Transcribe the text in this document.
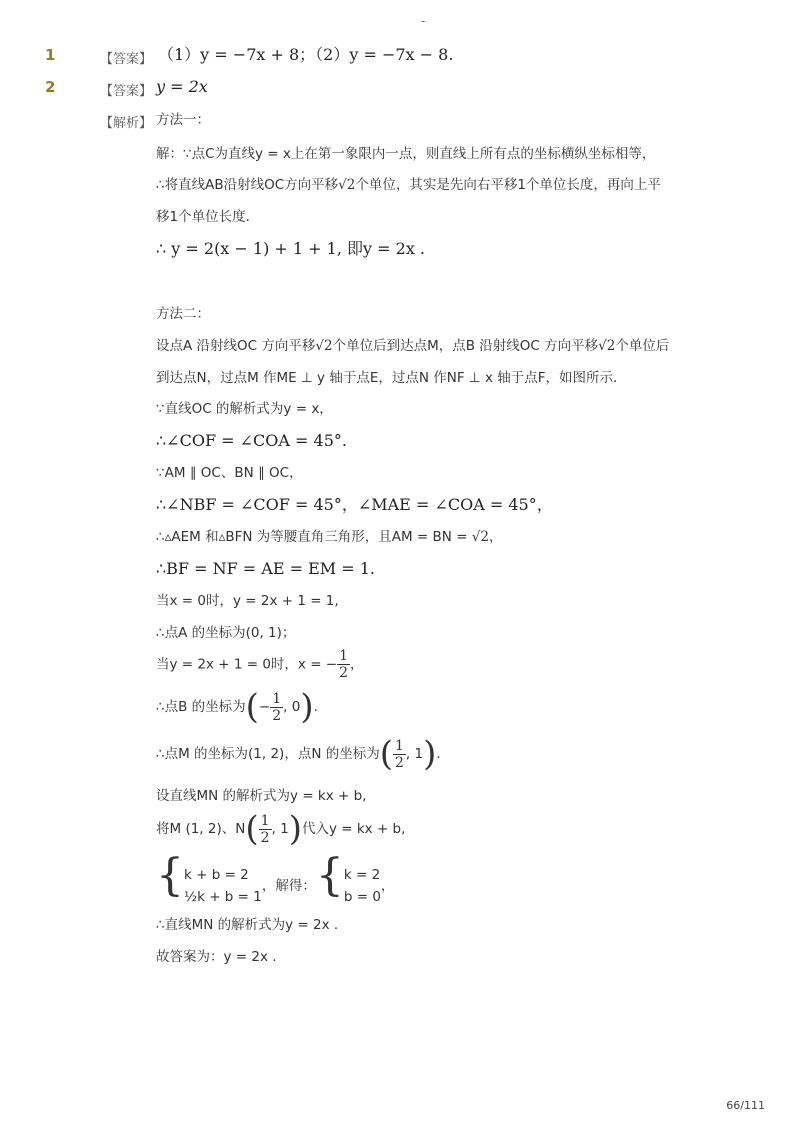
-
1	【答案】 （1）y = −7x + 8；（2）y = −7x − 8.
2	【答案】 y = 2x
【解析】 方法一：
解：∵点C为直线y = x上在第一象限内一点，则直线上所有点的坐标横纵坐标相等，
∴将直线AB沿射线OC方向平移√2个单位，其实是先向右平移1个单位长度，再向上平
移1个单位长度．
∴ y = 2(x − 1) + 1 + 1, 即y = 2x .
方法二：
设点A 沿射线OC 方向平移√2个单位后到达点M，点B 沿射线OC 方向平移√2个单位后
到达点N，过点M 作ME ⊥ y 轴于点E，过点N 作NF ⊥ x 轴于点F，如图所示．
∵直线OC 的解析式为y = x，
∴∠COF = ∠COA = 45°.
∵AM ∥ OC、BN ∥ OC，
∴∠NBF = ∠COF = 45°，∠MAE = ∠COA = 45°，
∴▵AEM 和▵BFN 为等腰直角三角形，且AM = BN = √2，
∴BF = NF = AE = EM = 1.
当x = 0时，y = 2x + 1 = 1,
∴点A 的坐标为(0, 1)；
当y = 2x + 1 = 0时，x = − $\frac{1}{2}$ ，
∴点B 的坐标为(− $\frac{1}{2}$ , 0).
∴点M 的坐标为(1, 2)，点N 的坐标为( $\frac{1}{2}$ , 1).
设直线MN 的解析式为y = kx + b,
将M (1, 2)、$N( \frac{1}{2}$ , 1)代入y = kx + b,
{ k + b = 2
½k + b = 1
，解得：{ k = 2
b = 0
，
∴直线MN 的解析式为y = 2x .
故答案为：y = 2x .
66/111
